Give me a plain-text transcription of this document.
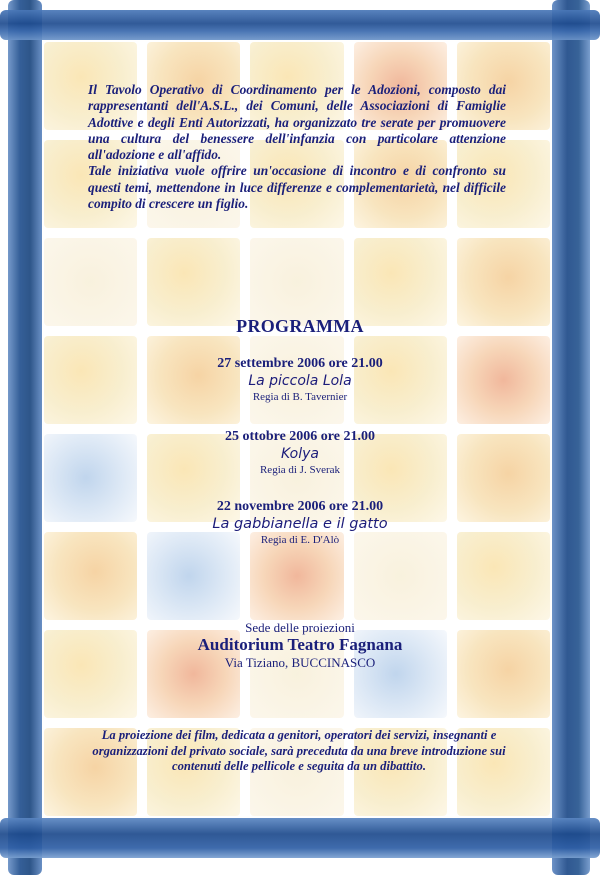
Il Tavolo Operativo di Coordinamento per le Adozioni, composto dai rappresentanti dell'A.S.L., dei Comuni, delle Associazioni di Famiglie Adottive e degli Enti Autorizzati, ha organizzato tre serate per promuovere una cultura del benessere dell'infanzia con particolare attenzione all'adozione e all'affido.

Tale iniziativa vuole offrire un'occasione di incontro e di confronto su questi temi, mettendone in luce differenze e complementarietà, nel difficile compito di crescere un figlio.

PROGRAMMA
27 settembre 2006 ore 21.00
La piccola Lola
Regia di B. Tavernier
25 ottobre 2006 ore 21.00
Kolya
Regia di J. Sverak
22 novembre 2006 ore 21.00
La gabbianella e il gatto
Regia di E. D'Alò
Sede delle proiezioni
Auditorium Teatro Fagnana
Via Tiziano, BUCCINASCO

La proiezione dei film, dedicata a genitori, operatori dei servizi, insegnanti e organizzazioni del privato sociale, sarà preceduta da una breve introduzione sui contenuti delle pellicole e seguita da un dibattito.
